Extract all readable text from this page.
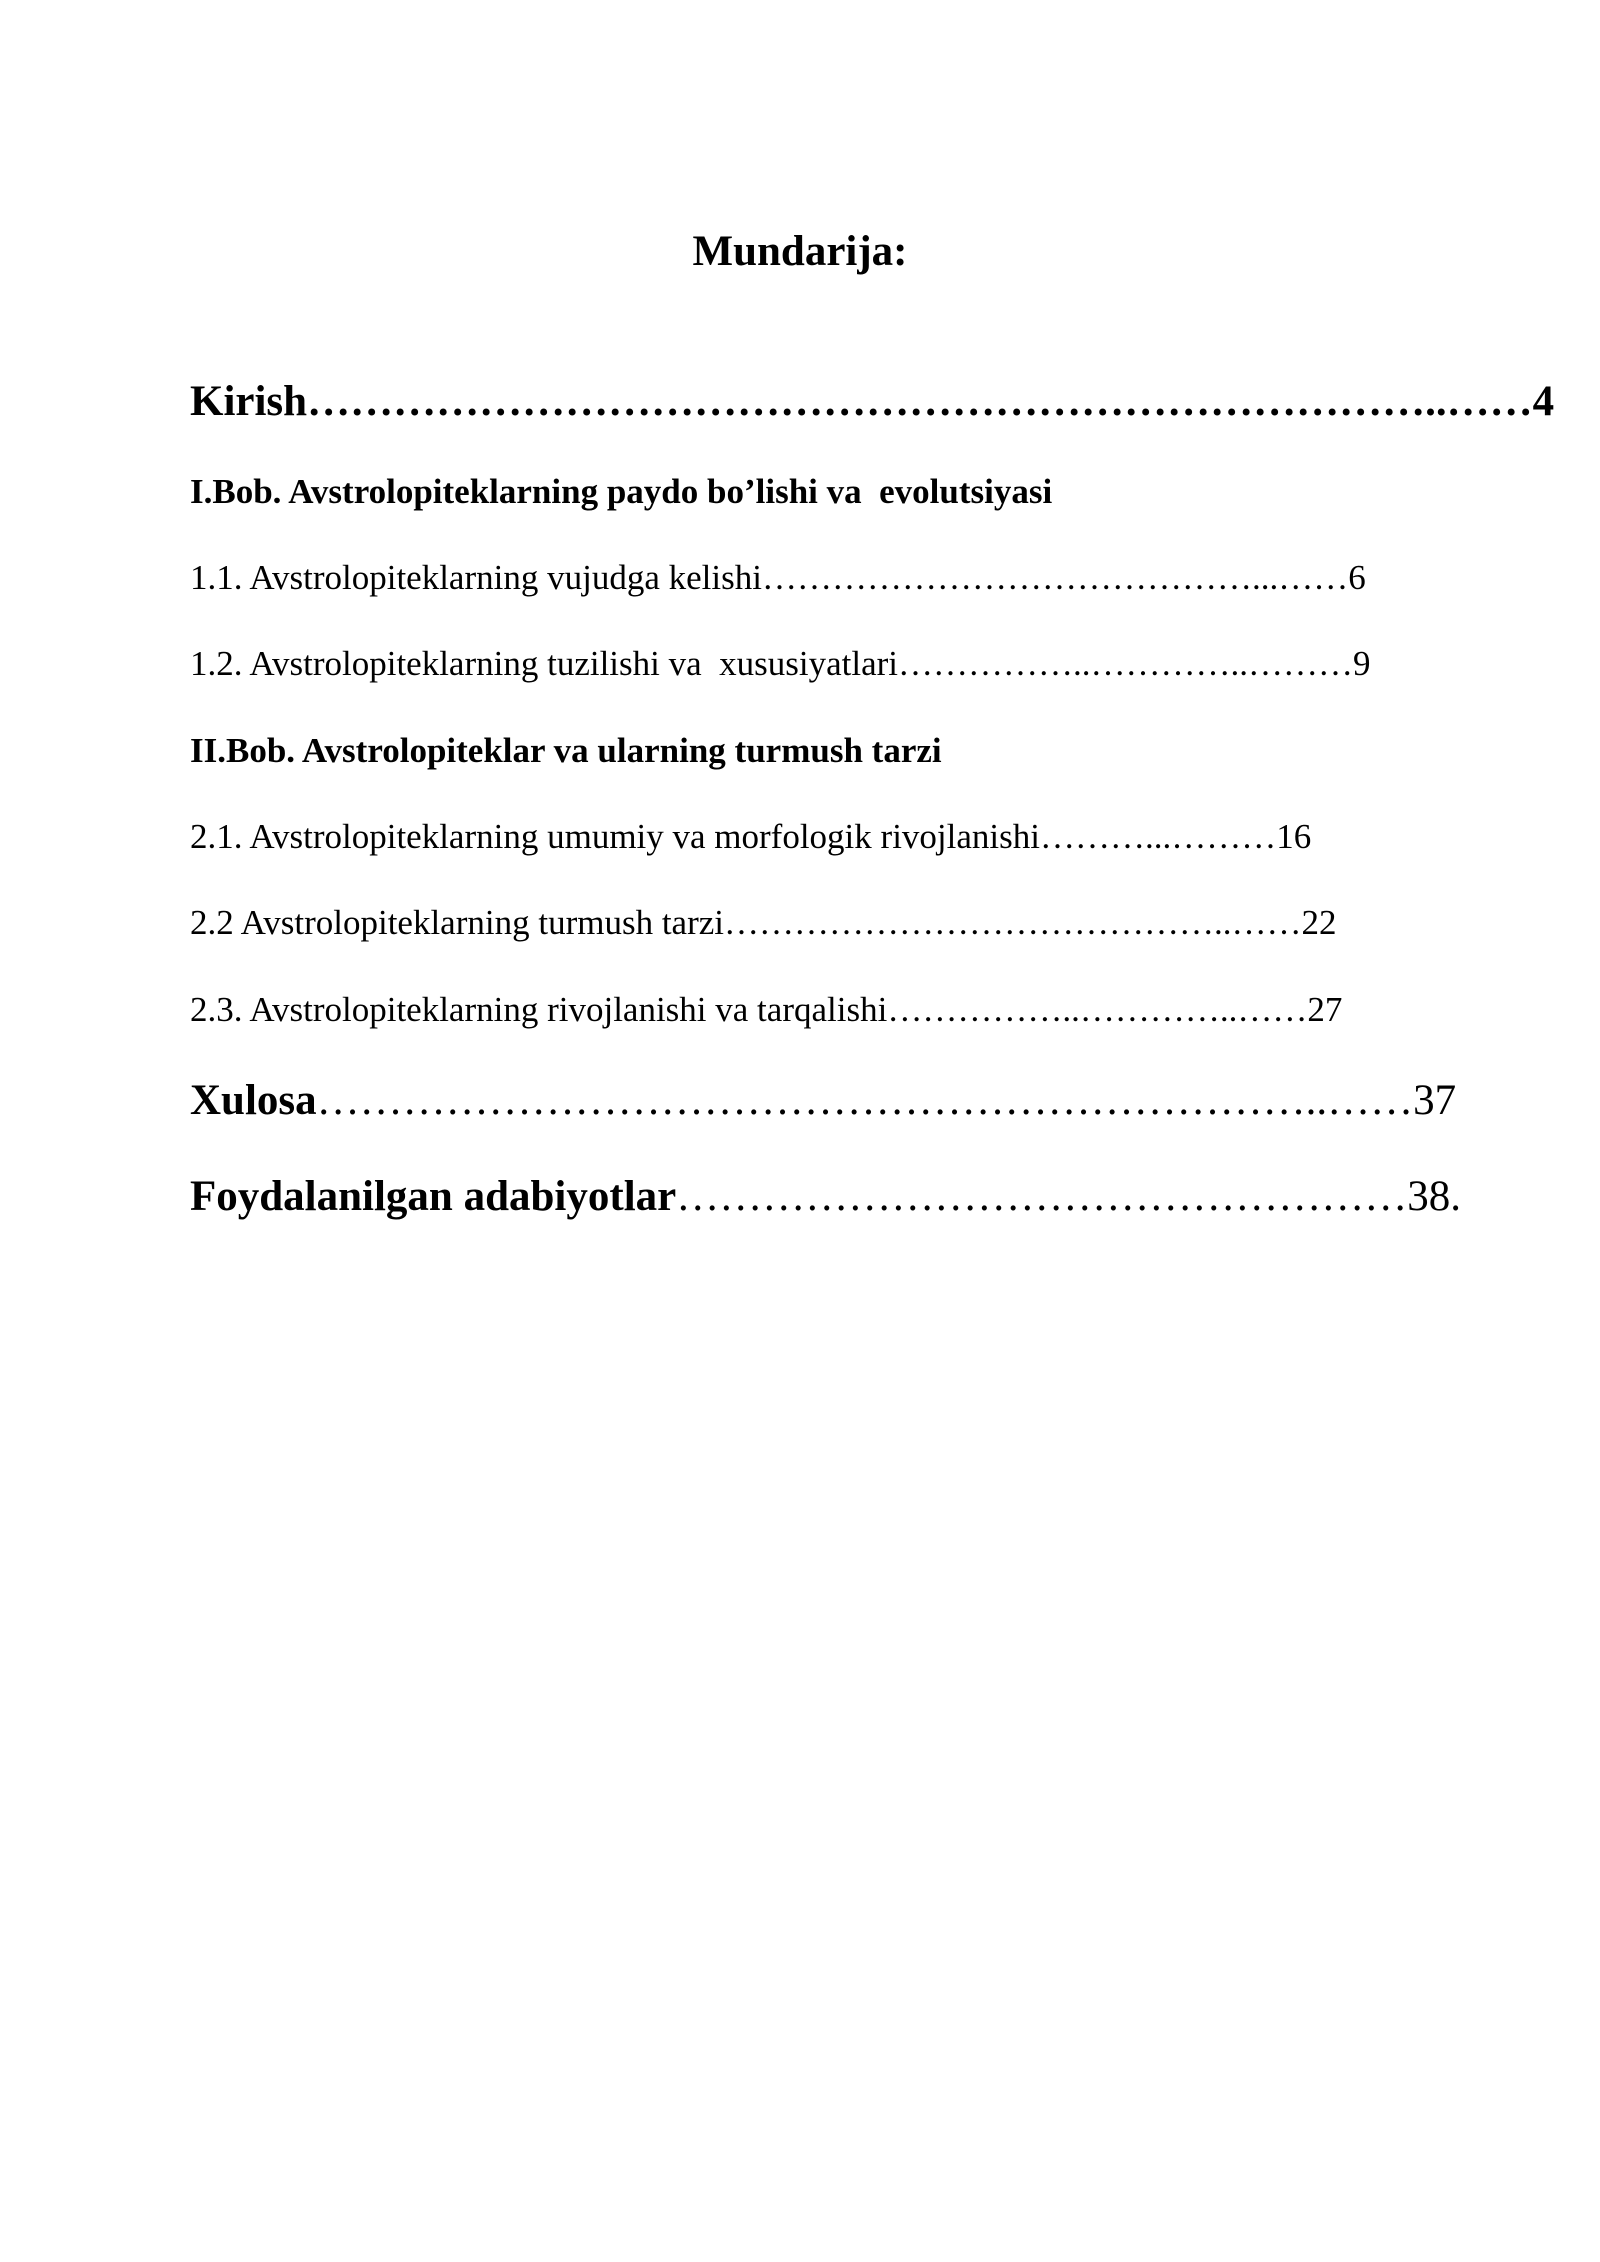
Mundarija:
Kirish……………………………………………………………………..……4
I.Bob. Avstrolopiteklarning paydo bo’lishi va  evolutsiyasi
1.1. Avstrolopiteklarning vujudga kelishi……………………………………...……6
1.2. Avstrolopiteklarning tuzilishi va  xususiyatlari……………..…………..………9
II.Bob. Avstrolopiteklar va ularning turmush tarzi
2.1. Avstrolopiteklarning umumiy va morfologik rivojlanishi………...………16
2.2 Avstrolopiteklarning turmush tarzi……………………………………..……22
2.3. Avstrolopiteklarning rivojlanishi va tarqalishi……………..…………..……27
Xulosa……………………………………………………………..……37
Foydalanilgan adabiyotlar……………………………………………38.
